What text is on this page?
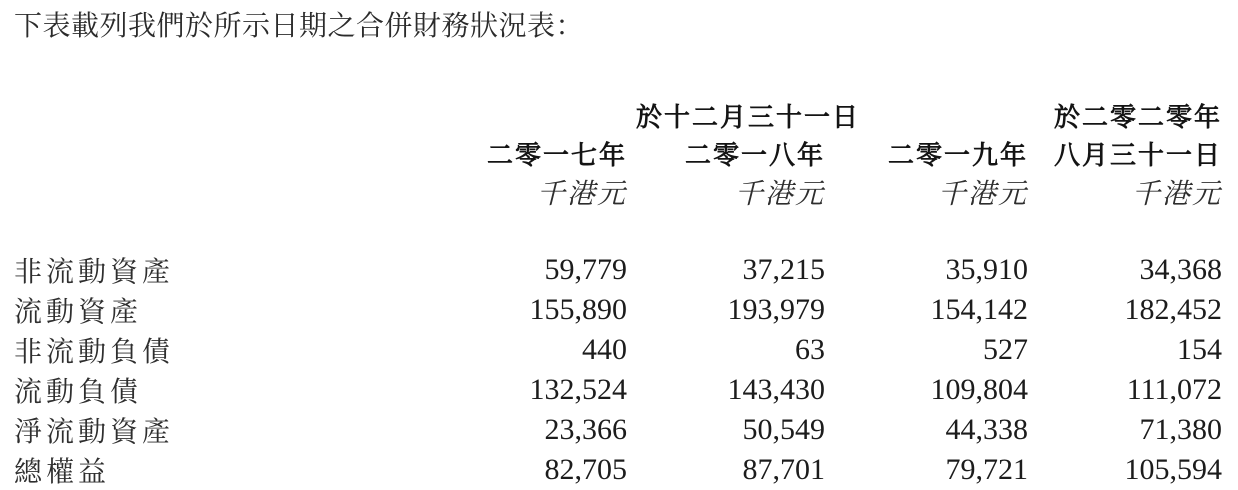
下表載列我們於所示日期之合併財務狀況表：
	於十二月三十一日			於二零二零年
	二零一七年	二零一八年	二零一九年	八月三十一日
	千港元	千港元	千港元	千港元

非流動資產	59,779	37,215	35,910	34,368
流動資產	155,890	193,979	154,142	182,452
非流動負債	440	63	527	154
流動負債	132,524	143,430	109,804	111,072
淨流動資產	23,366	50,549	44,338	71,380
總權益	82,705	87,701	79,721	105,594
